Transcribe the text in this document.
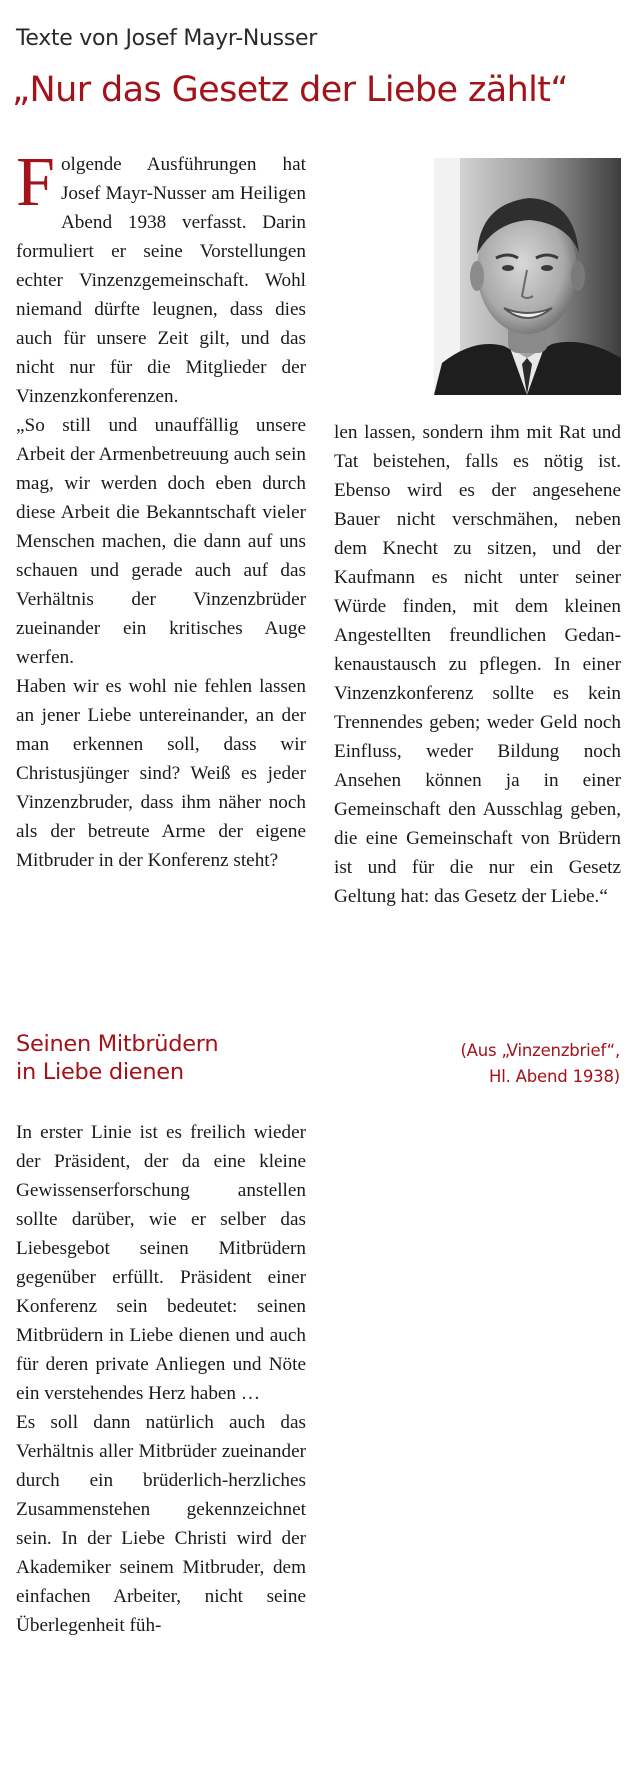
Texte von Josef Mayr-Nusser
„Nur das Gesetz der Liebe zählt“

Folgende Ausführungen hat Josef Mayr-Nusser am Heiligen Abend 1938 verfasst. Darin formuliert er seine Vorstellungen echter Vinzenzgemeinschaft. Wohl niemand dürfte leugnen, dass dies auch für unsere Zeit gilt, und das nicht nur für die Mitglieder der Vinzenzkonferenzen.

„So still und unauffällig unsere Arbeit der Armenbetreuung auch sein mag, wir werden doch eben durch diese Arbeit die Bekanntschaft vieler Menschen machen, die dann auf uns schauen und gerade auch auf das Verhältnis der Vinzenzbrüder zueinander ein kritisches Auge werfen.

Haben wir es wohl nie fehlen lassen an jener Liebe untereinander, an der man erkennen soll, dass wir Christusjünger sind? Weiß es jeder Vinzenzbruder, dass ihm näher noch als der betreute Arme der eigene Mitbruder in der Konferenz steht?

len lassen, sondern ihm mit Rat und Tat beistehen, falls es nötig ist. Ebenso wird es der angesehene Bauer nicht verschmähen, neben dem Knecht zu sitzen, und der Kaufmann es nicht unter seiner Würde finden, mit dem kleinen Angestellten freundlichen Gedankenaustausch zu pflegen. In einer Vinzenzkonferenz sollte es kein Trennendes geben; weder Geld noch Einfluss, weder Bildung noch Ansehen können ja in einer Gemeinschaft den Ausschlag geben, die eine Gemeinschaft von Brüdern ist und für die nur ein Gesetz Geltung hat: das Gesetz der Liebe.“

Seinen Mitbrüdern
in Liebe dienen
(Aus „Vinzenzbrief“,
Hl. Abend 1938)

In erster Linie ist es freilich wieder der Präsident, der da eine kleine Gewissenserforschung anstellen sollte darüber, wie er selber das Liebesgebot seinen Mitbrüdern gegenüber erfüllt. Präsident einer Konferenz sein bedeutet: seinen Mitbrüdern in Liebe dienen und auch für deren private Anliegen und Nöte ein verstehendes Herz haben …

Es soll dann natürlich auch das Verhältnis aller Mitbrüder zueinander durch ein brüderlich-herzliches Zusammenstehen gekennzeichnet sein. In der Liebe Christi wird der Akademiker seinem Mitbruder, dem einfachen Arbeiter, nicht seine Überlegenheit füh-
